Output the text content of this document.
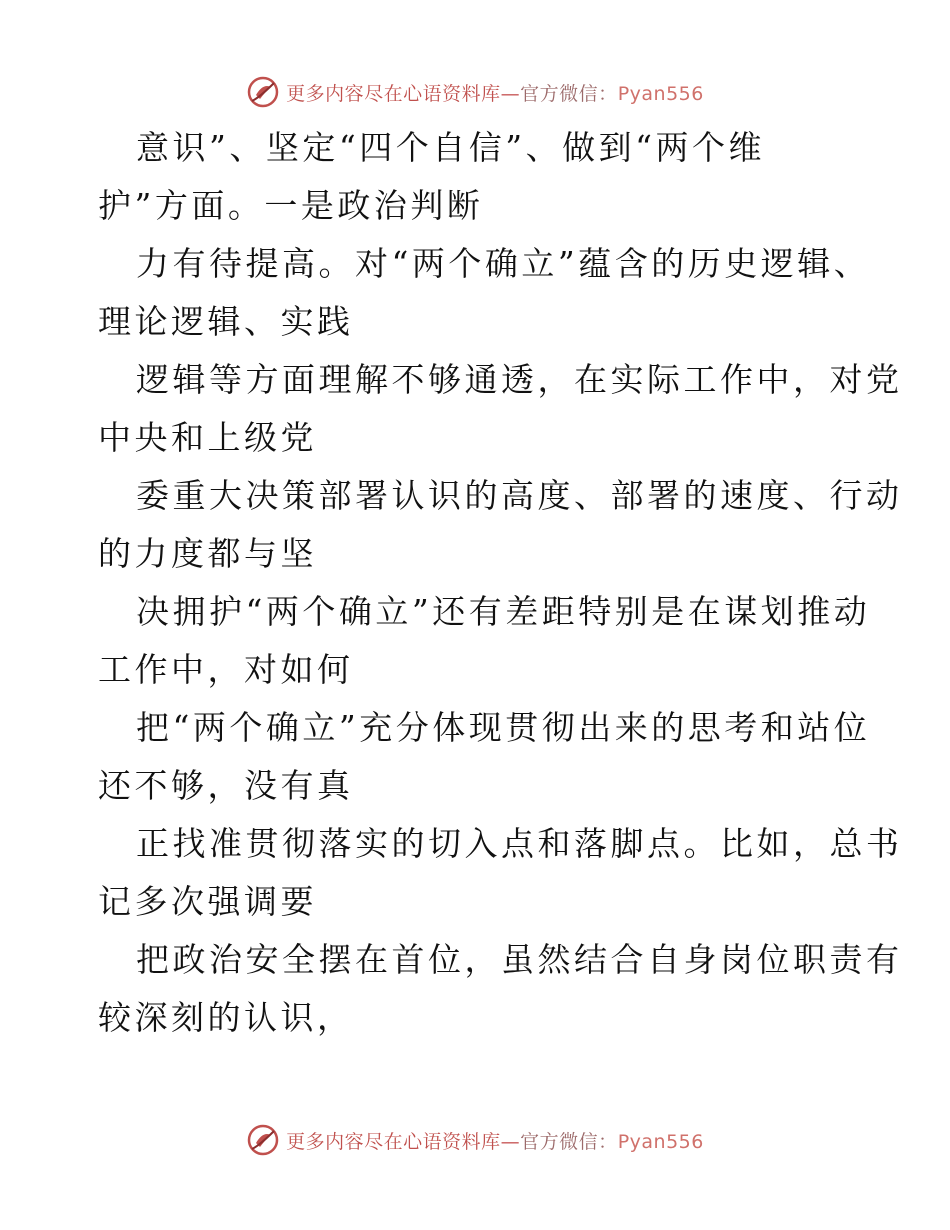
更多内容尽在心语资料库—官方微信：Pyan556
意识”、坚定“四个自信”、做到“两个维
护”方面。一是政治判断
力有待提高。对“两个确立”蕴含的历史逻辑、
理论逻辑、实践
逻辑等方面理解不够通透，在实际工作中，对党
中央和上级党
委重大决策部署认识的高度、部署的速度、行动
的力度都与坚
决拥护“两个确立”还有差距特别是在谋划推动
工作中，对如何
把“两个确立”充分体现贯彻出来的思考和站位
还不够，没有真
正找准贯彻落实的切入点和落脚点。比如，总书
记多次强调要
把政治安全摆在首位，虽然结合自身岗位职责有
较深刻的认识，
更多内容尽在心语资料库—官方微信：Pyan556
